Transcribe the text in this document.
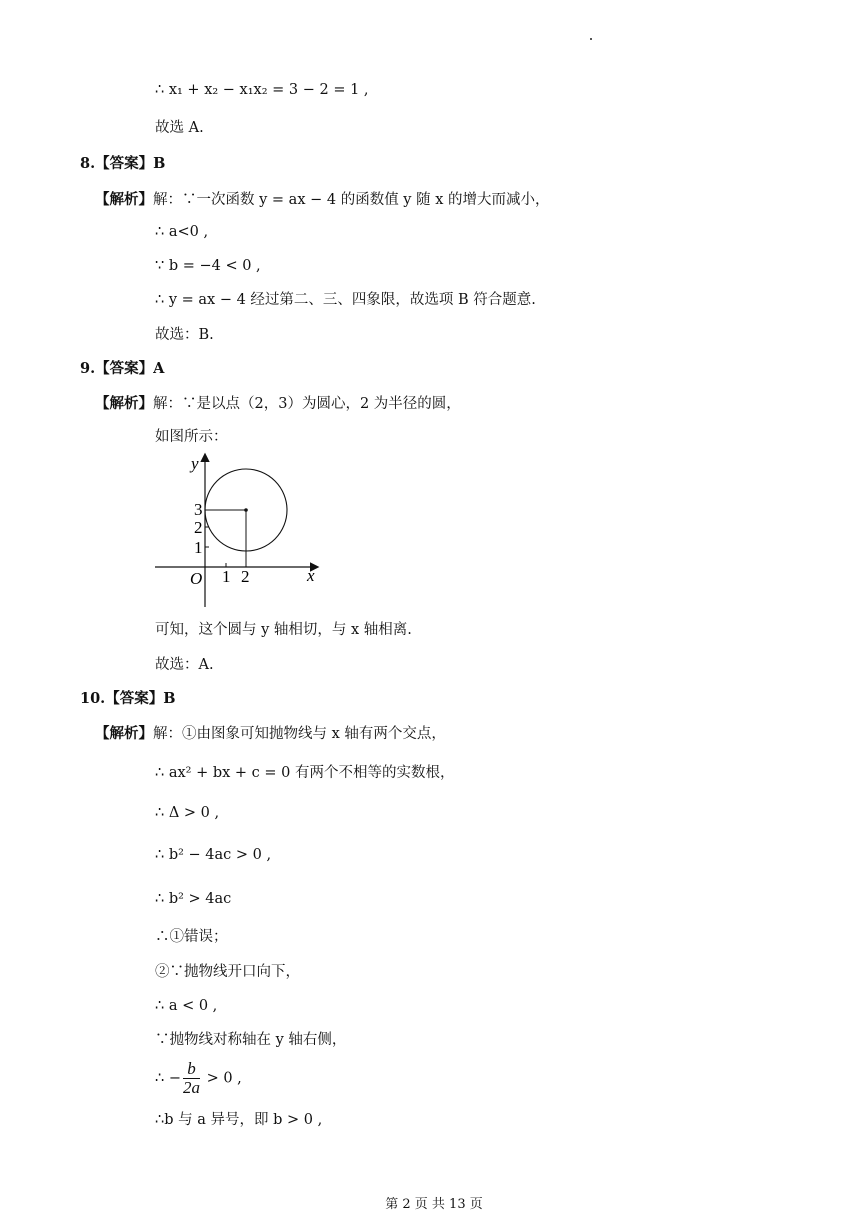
∴ x₁ + x₂ − x₁x₂ = 3 − 2 = 1 ,
故选 A.
8.【答案】B
【解析】解：∵一次函数 y = ax − 4 的函数值 y 随 x 的增大而减小，
∴ a<0 ,
∵ b = −4 < 0 ,
∴ y = ax − 4 经过第二、三、四象限，故选项 B 符合题意.
故选：B.
9.【答案】A
【解析】解：∵是以点（2，3）为圆心，2 为半径的圆，
如图所示：
y
x
O
3
2
1
1 2
可知，这个圆与 y 轴相切，与 x 轴相离.
故选：A.
10.【答案】B
【解析】解：①由图象可知抛物线与 x 轴有两个交点，
∴ ax² + bx + c = 0 有两个不相等的实数根，
∴ Δ > 0 ,
∴ b² − 4ac > 0 ,
∴ b² > 4ac
∴①错误；
②∵抛物线开口向下，
∴ a < 0 ,
∵抛物线对称轴在 y 轴右侧，
∴ − $\frac{b}{2a} > 0$ ,
∴b 与 a 异号，即 b > 0 ,
第 2 页 共 13 页
